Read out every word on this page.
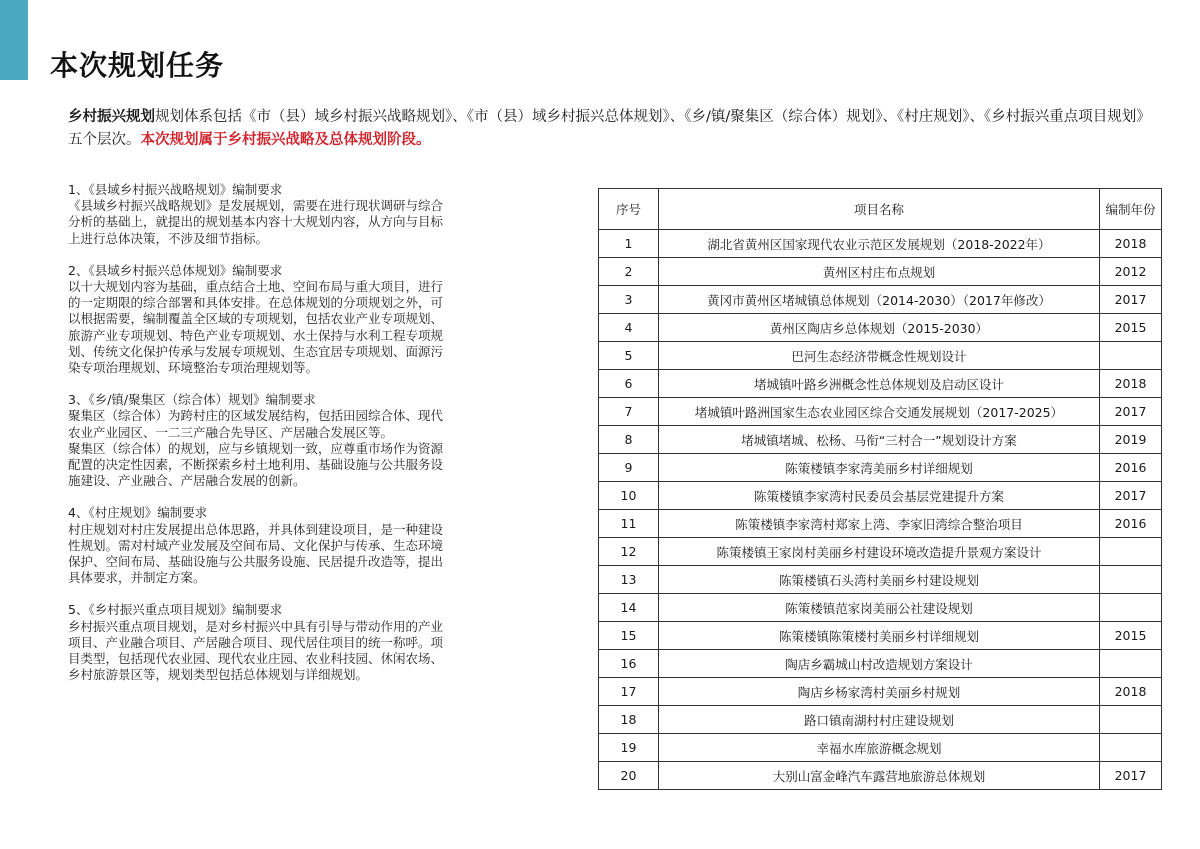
本次规划任务
乡村振兴规划规划体系包括《市（县）域乡村振兴战略规划》、《市（县）域乡村振兴总体规划》、《乡/镇/聚集区（综合体）规划》、《村庄规划》、《乡村振兴重点项目规划》五个层次。本次规划属于乡村振兴战略及总体规划阶段。
1、《县域乡村振兴战略规划》编制要求
《县域乡村振兴战略规划》是发展规划，需要在进行现状调研与综合
分析的基础上，就提出的规划基本内容十大规划内容，从方向与目标
上进行总体决策，不涉及细节指标。
2、《县域乡村振兴总体规划》编制要求
以十大规划内容为基础，重点结合土地、空间布局与重大项目，进行
的一定期限的综合部署和具体安排。在总体规划的分项规划之外，可
以根据需要，编制覆盖全区域的专项规划，包括农业产业专项规划、
旅游产业专项规划、特色产业专项规划、水土保持与水利工程专项规
划、传统文化保护传承与发展专项规划、生态宜居专项规划、面源污
染专项治理规划、环境整治专项治理规划等。
3、《乡/镇/聚集区（综合体）规划》编制要求
聚集区（综合体）为跨村庄的区域发展结构，包括田园综合体、现代
农业产业园区、一二三产融合先导区、产居融合发展区等。
聚集区（综合体）的规划，应与乡镇规划一致，应尊重市场作为资源
配置的决定性因素，不断探索乡村土地利用、基础设施与公共服务设
施建设、产业融合、产居融合发展的创新。
4、《村庄规划》编制要求
村庄规划对村庄发展提出总体思路，并具体到建设项目，是一种建设
性规划。需对村域产业发展及空间布局、文化保护与传承、生态环境
保护、空间布局、基础设施与公共服务设施、民居提升改造等，提出
具体要求，并制定方案。
5、《乡村振兴重点项目规划》编制要求
乡村振兴重点项目规划，是对乡村振兴中具有引导与带动作用的产业
项目、产业融合项目、产居融合项目、现代居住项目的统一称呼。项
目类型，包括现代农业园、现代农业庄园、农业科技园、休闲农场、
乡村旅游景区等，规划类型包括总体规划与详细规划。
序号	项目名称	编制年份
1	湖北省黄州区国家现代农业示范区发展规划（2018-2022年）	2018
2	黄州区村庄布点规划	2012
3	黄冈市黄州区堵城镇总体规划（2014-2030）（2017年修改）	2017
4	黄州区陶店乡总体规划（2015-2030）	2015
5	巴河生态经济带概念性规划设计	
6	堵城镇叶路乡洲概念性总体规划及启动区设计	2018
7	堵城镇叶路洲国家生态农业园区综合交通发展规划（2017-2025）	2017
8	堵城镇堵城、松杨、马衔“三村合一”规划设计方案	2019
9	陈策楼镇李家湾美丽乡村详细规划	2016
10	陈策楼镇李家湾村民委员会基层党建提升方案	2017
11	陈策楼镇李家湾村郑家上湾、李家旧湾综合整治项目	2016
12	陈策楼镇王家岗村美丽乡村建设环境改造提升景观方案设计	
13	陈策楼镇石头湾村美丽乡村建设规划	
14	陈策楼镇范家岗美丽公社建设规划	
15	陈策楼镇陈策楼村美丽乡村详细规划	2015
16	陶店乡霸城山村改造规划方案设计	
17	陶店乡杨家湾村美丽乡村规划	2018
18	路口镇南湖村村庄建设规划	
19	幸福水库旅游概念规划	
20	大别山富金峰汽车露营地旅游总体规划	2017
